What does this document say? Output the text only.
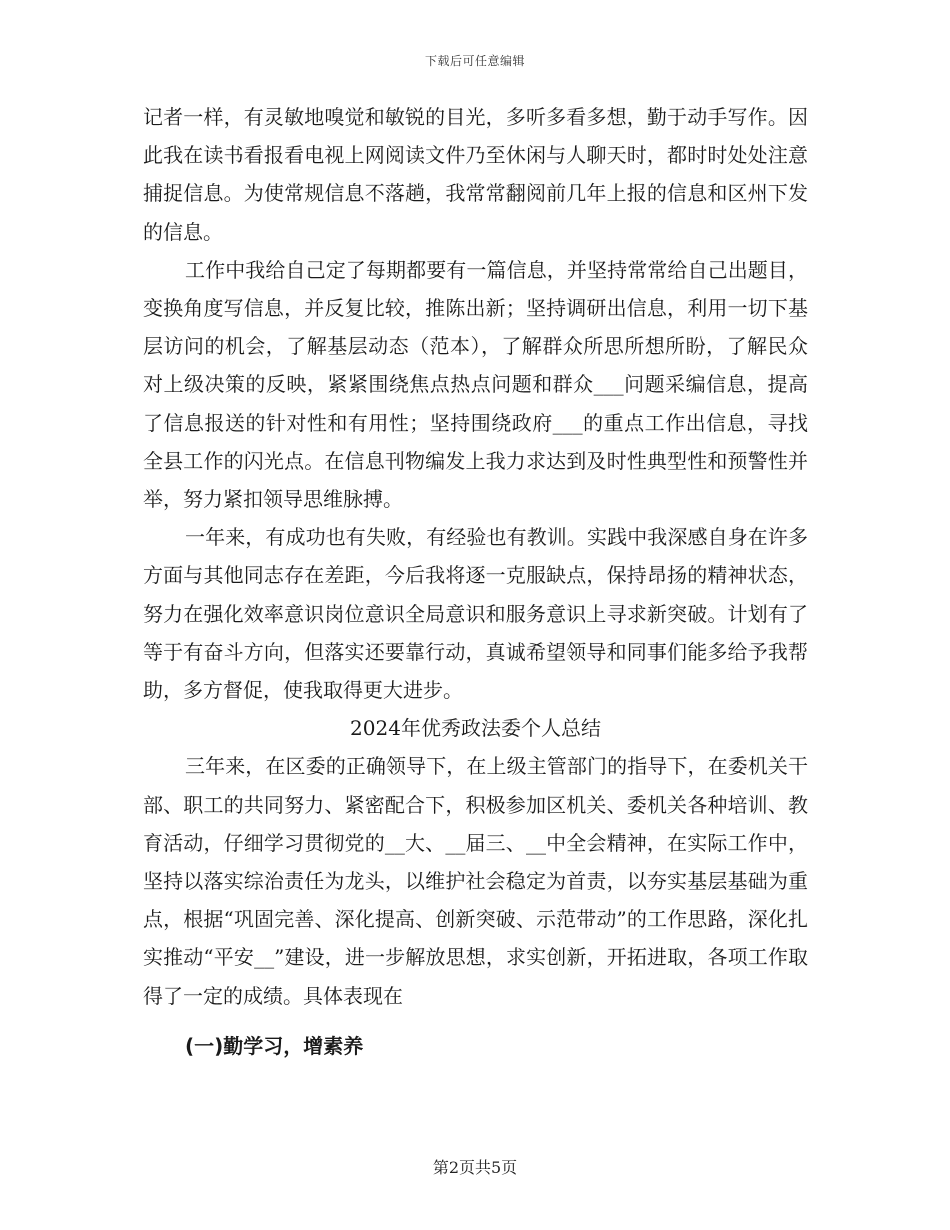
下载后可任意编辑

记者一样，有灵敏地嗅觉和敏锐的目光，多听多看多想，勤于动手写作。因此我在读书看报看电视上网阅读文件乃至休闲与人聊天时，都时时处处注意捕捉信息。为使常规信息不落趟，我常常翻阅前几年上报的信息和区州下发的信息。

工作中我给自己定了每期都要有一篇信息，并坚持常常给自己出题目，变换角度写信息，并反复比较，推陈出新；坚持调研出信息，利用一切下基层访问的机会，了解基层动态（范本），了解群众所思所想所盼，了解民众对上级决策的反映，紧紧围绕焦点热点问题和群众___问题采编信息，提高了信息报送的针对性和有用性；坚持围绕政府___的重点工作出信息，寻找全县工作的闪光点。在信息刊物编发上我力求达到及时性典型性和预警性并举，努力紧扣领导思维脉搏。

一年来，有成功也有失败，有经验也有教训。实践中我深感自身在许多方面与其他同志存在差距，今后我将逐一克服缺点，保持昂扬的精神状态，努力在强化效率意识岗位意识全局意识和服务意识上寻求新突破。计划有了等于有奋斗方向，但落实还要靠行动，真诚希望领导和同事们能多给予我帮助，多方督促，使我取得更大进步。

2024年优秀政法委个人总结

三年来，在区委的正确领导下，在上级主管部门的指导下，在委机关干部、职工的共同努力、紧密配合下，积极参加区机关、委机关各种培训、教育活动，仔细学习贯彻党的__大、__届三、__中全会精神，在实际工作中，坚持以落实综治责任为龙头，以维护社会稳定为首责，以夯实基层基础为重点，根据“巩固完善、深化提高、创新突破、示范带动”的工作思路，深化扎实推动“平安__”建设，进一步解放思想，求实创新，开拓进取，各项工作取得了一定的成绩。具体表现在

(一)勤学习，增素养

第2页共5页
